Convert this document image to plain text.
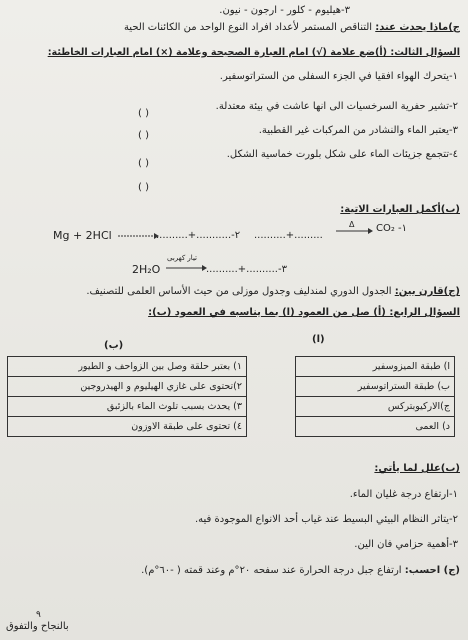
٣-هيليوم - كلور - ارجون - نيون.
ج)ماذا يحدث عند: التناقص المستمر لأعداد افراد النوع الواحد من الكائنات الحية
السؤال الثالث: (أ)ضع علامة (√) امام العبارة الصحيحة وعلامة (×) امام العبارات الخاطئة:
١-يتحرك الهواء افقيا في الجزء السفلى من الستراتوسفير.
( )
٢-تشير حفرية السرخسيات الى انها عاشت في بيئة معتدلة.
٣-يعتبر الماء والنشادر من المركبات غير القطبية.
( )
٤-تتجمع جزيئات الماء على شكل بلورت خماسية الشكل.
( )
( )
(ب)أكمل العبارات الاتية:
CO₂ -١
Δ
..........+.........
Mg + 2HCl	..........+...........-٢
2H₂O
تيار كهربى
..........+..........-٣
(ج)قارن بين: الجدول الدوري لمندليف وجدول موزلى من حيث الأساس العلمى للتصنيف.
السؤال الرابع: (أ) صل من العمود (ا) بما يناسبه في العمود (ب):
(ا)
(ب)
ا) طبقة الميزوسفير		١) بعتبر حلقة وصل بين الزواحف و الطيور
ب) طبقة الستراتوسفير		٢)تحتوى على غازي الهيليوم و الهيدروجين
ج)الاركيوبتركس		٣) يحدث بسبب تلوث الماء بالزئبق
د) العمى		٤) تحتوى على طبقة الاوزون
(ب)علل لما يأتي:
١-ارتفاع درجة غليان الماء.
٢-يتاثر النظام البيئي البسيط عند غياب أحد الانواع الموجودة فيه.
٣-أهمية حزامي فان الين.
(ج) احسب: ارتفاع جبل درجة الحرارة عند سفحه ٢٠°م وعند قمته ( -٦٠°م).
٩
بالنجاح والتفوق
